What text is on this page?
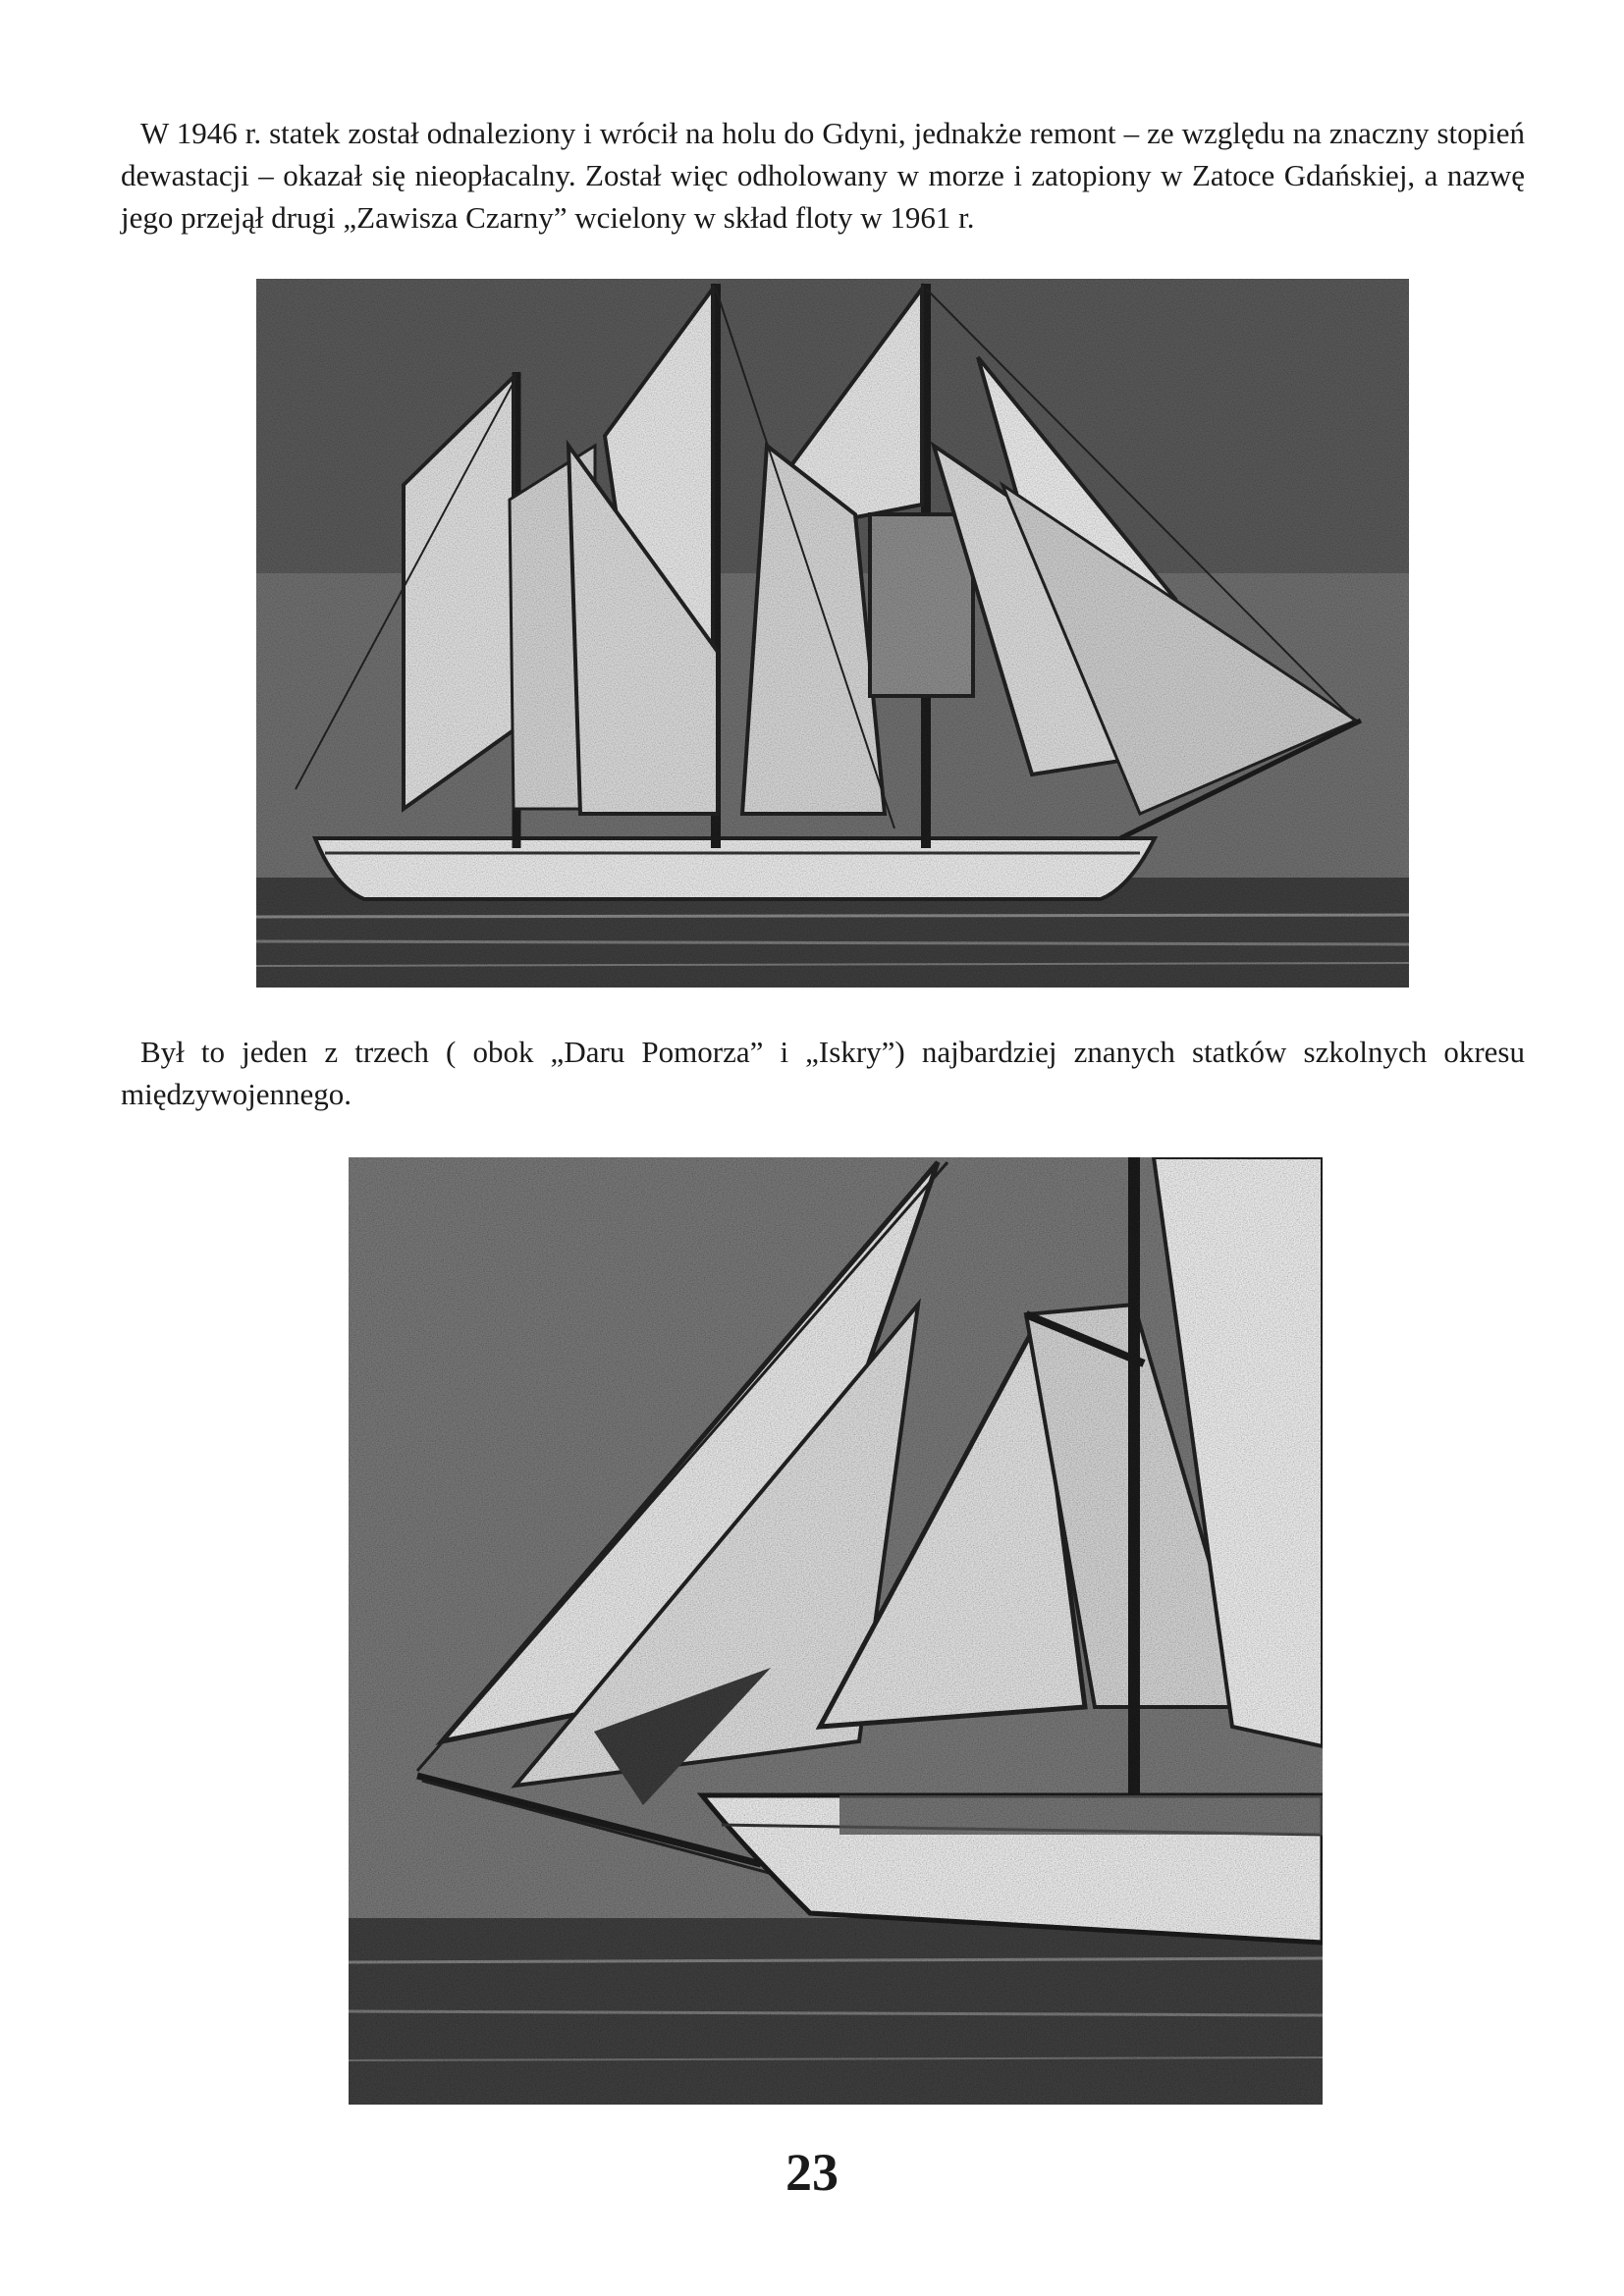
W 1946 r. statek został odnaleziony i wrócił na holu do Gdyni, jednakże remont – ze względu na znaczny stopień dewastacji – okazał się nieopłacalny. Został więc odholowany w morze i zatopiony w Zatoce Gdańskiej, a nazwę jego przejął drugi „Zawisza Czarny” wcielony w skład floty w 1961 r.

Był to jeden z trzech ( obok „Daru Pomorza” i „Iskry”) najbardziej znanych statków szkolnych okresu międzywojennego.

23
